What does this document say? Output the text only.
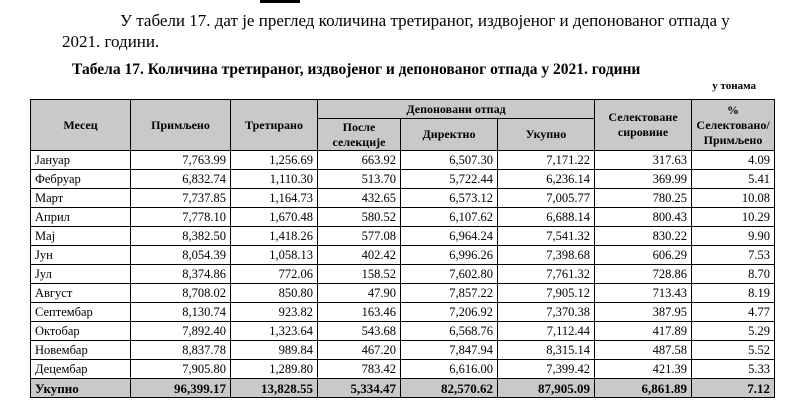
У табели 17. дат је преглед количина третираног, издвојеног и депонованог отпада у 2021. години.
Табела 17. Количина третираног, издвојеног и депонованог отпада у 2021. години
у тонама
Месец	Примљено	Третирано	Депоновани отпад			Селектоване сировине	% Селектовано/ Примљено
			После селекције	Директно	Укупно		
Јануар	7,763.99	1,256.69	663.92	6,507.30	7,171.22	317.63	4.09
Фебруар	6,832.74	1,110.30	513.70	5,722.44	6,236.14	369.99	5.41
Март	7,737.85	1,164.73	432.65	6,573.12	7,005.77	780.25	10.08
Април	7,778.10	1,670.48	580.52	6,107.62	6,688.14	800.43	10.29
Мај	8,382.50	1,418.26	577.08	6,964.24	7,541.32	830.22	9.90
Јун	8,054.39	1,058.13	402.42	6,996.26	7,398.68	606.29	7.53
Јул	8,374.86	772.06	158.52	7,602.80	7,761.32	728.86	8.70
Август	8,708.02	850.80	47.90	7,857.22	7,905.12	713.43	8.19
Септембар	8,130.74	923.82	163.46	7,206.92	7,370.38	387.95	4.77
Октобар	7,892.40	1,323.64	543.68	6,568.76	7,112.44	417.89	5.29
Новембар	8,837.78	989.84	467.20	7,847.94	8,315.14	487.58	5.52
Децембар	7,905.80	1,289.80	783.42	6,616.00	7,399.42	421.39	5.33
Укупно	96,399.17	13,828.55	5,334.47	82,570.62	87,905.09	6,861.89	7.12
